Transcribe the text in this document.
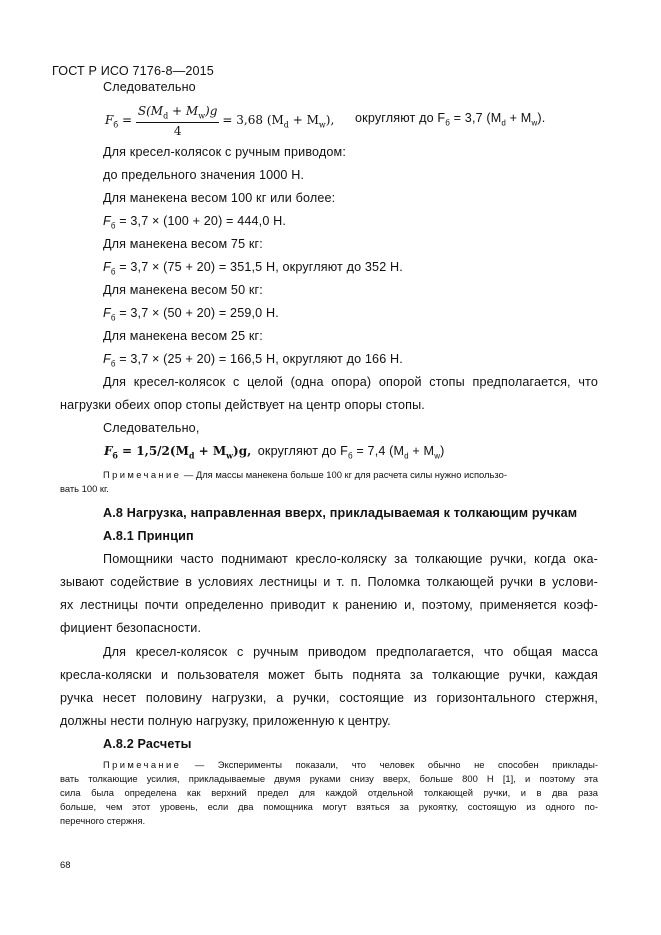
ГОСТ Р ИСО 7176-8—2015
Следовательно
$F_б = \frac{S(M_d + M_w)g}{4} = 3,68$ $(M_d + M_w)$, округляют до $F_б = 3,7$ $(M_d + M_w)$.
Для кресел-колясок с ручным приводом:
до предельного значения 1000 Н.
Для манекена весом 100 кг или более:
$F_б = 3,7 \times (100 + 20) = 444,0$ Н.
Для манекена весом 75 кг:
$F_б = 3,7 \times (75 + 20) = 351,5$ Н, округляют до 352 Н.
Для манекена весом 50 кг:
$F_б = 3,7 \times (50 + 20) = 259,0$ Н.
Для манекена весом 25 кг:
$F_б = 3,7 \times (25 + 20) = 166,5$ Н, округляют до 166 Н.
Для кресел-колясок с целой (одна опора) опорой стопы предполагается, что
нагрузки обеих опор стопы действует на центр опоры стопы.
Следовательно,
$F_б = 1,5/2(M_d + M_w)g$, округляют до $F_б = 7,4$ $(M_d + M_w)$
Примечание — Для массы манекена больше 100 кг для расчета силы нужно использо-
вать 100 кг.
А.8 Нагрузка, направленная вверх, прикладываемая к толкающим ручкам
А.8.1 Принцип
Помощники часто поднимают кресло-коляску за толкающие ручки, когда ока-
зывают содействие в условиях лестницы и т. п. Поломка толкающей ручки в услови-
ях лестницы почти определенно приводит к ранению и, поэтому, применяется коэф-
фициент безопасности.
Для кресел-колясок с ручным приводом предполагается, что общая масса
кресла-коляски и пользователя может быть поднята за толкающие ручки, каждая
ручка несет половину нагрузки, а ручки, состоящие из горизонтального стержня,
должны нести полную нагрузку, приложенную к центру.
А.8.2 Расчеты
Примечание — Эксперименты показали, что человек обычно не способен приклады-
вать толкающие усилия, прикладываемые двумя руками снизу вверх, больше 800 Н [1], и поэтому эта
сила была определена как верхний предел для каждой отдельной толкающей ручки, и в два раза
больше, чем этот уровень, если два помощника могут взяться за рукоятку, состоящую из одного по-
перечного стержня.
68
